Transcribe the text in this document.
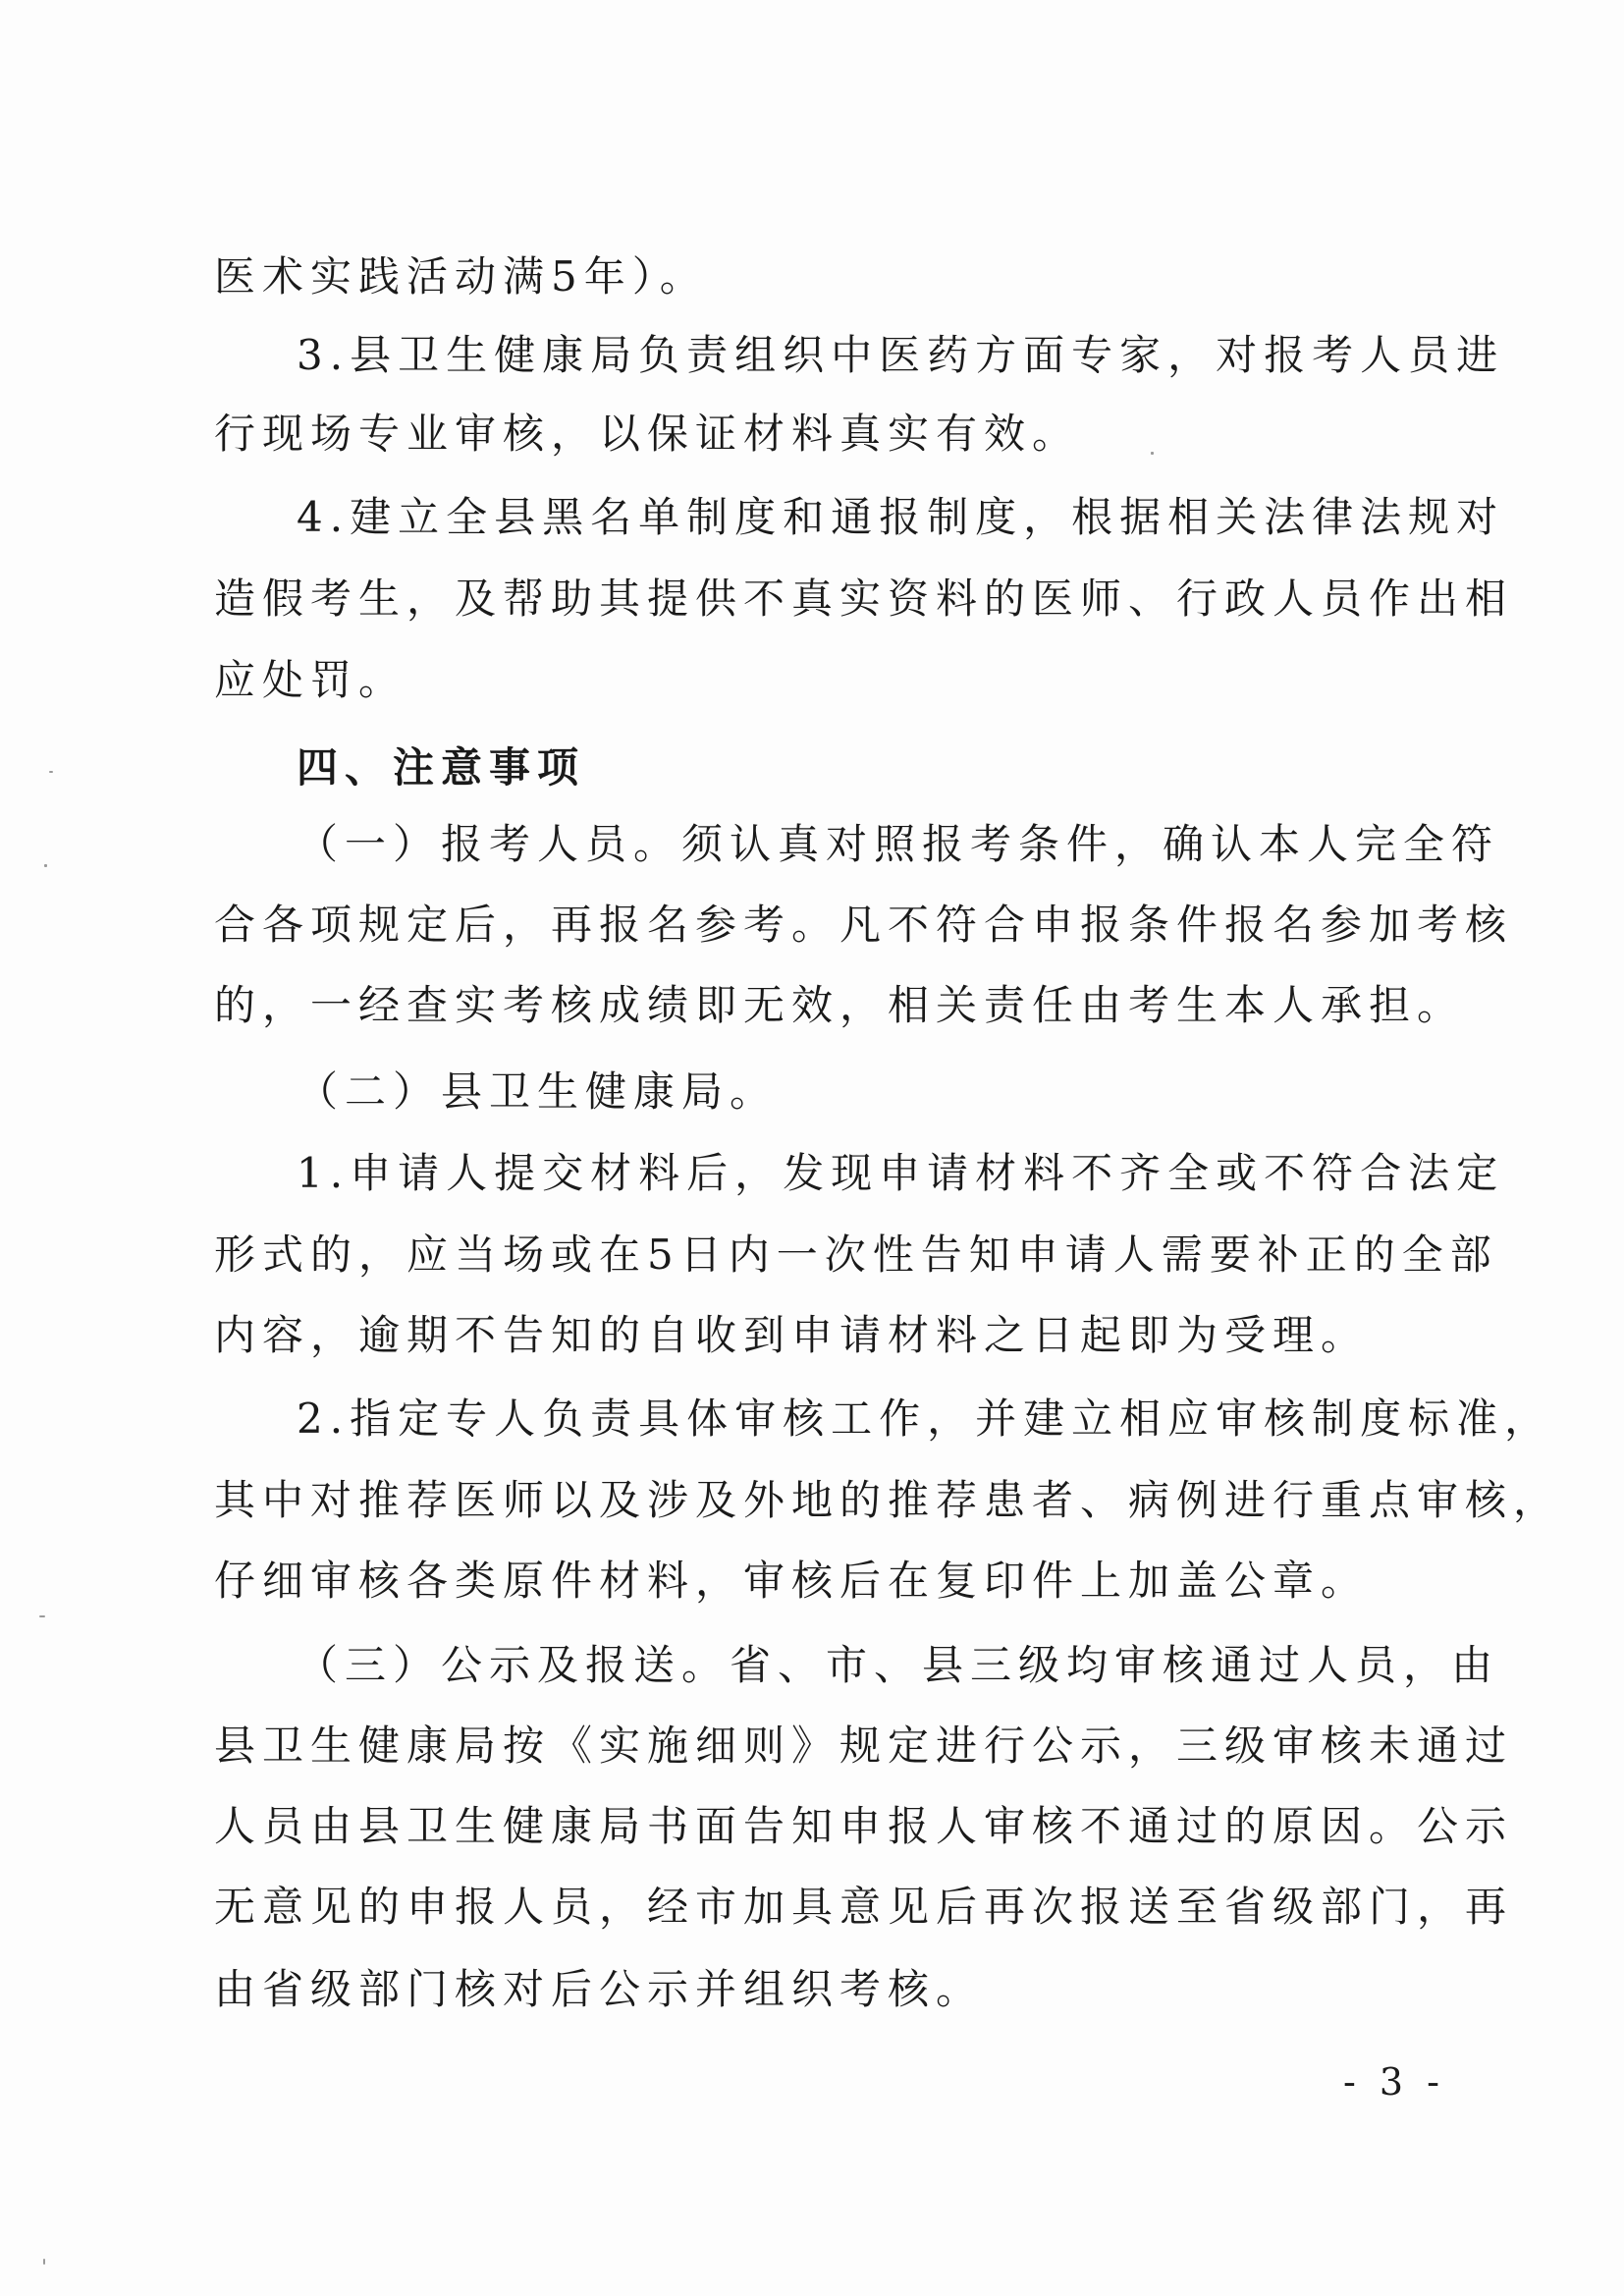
医术实践活动满5年）。
3.县卫生健康局负责组织中医药方面专家，对报考人员进
行现场专业审核，以保证材料真实有效。
4.建立全县黑名单制度和通报制度，根据相关法律法规对
造假考生，及帮助其提供不真实资料的医师、行政人员作出相
应处罚。
四、注意事项
（一）报考人员。须认真对照报考条件，确认本人完全符
合各项规定后，再报名参考。凡不符合申报条件报名参加考核
的，一经查实考核成绩即无效，相关责任由考生本人承担。
（二）县卫生健康局。
1.申请人提交材料后，发现申请材料不齐全或不符合法定
形式的，应当场或在5日内一次性告知申请人需要补正的全部
内容，逾期不告知的自收到申请材料之日起即为受理。
2.指定专人负责具体审核工作，并建立相应审核制度标准，
其中对推荐医师以及涉及外地的推荐患者、病例进行重点审核，
仔细审核各类原件材料，审核后在复印件上加盖公章。
（三）公示及报送。省、市、县三级均审核通过人员，由
县卫生健康局按《实施细则》规定进行公示，三级审核未通过
人员由县卫生健康局书面告知申报人审核不通过的原因。公示
无意见的申报人员，经市加具意见后再次报送至省级部门，再
由省级部门核对后公示并组织考核。
- 3 -
